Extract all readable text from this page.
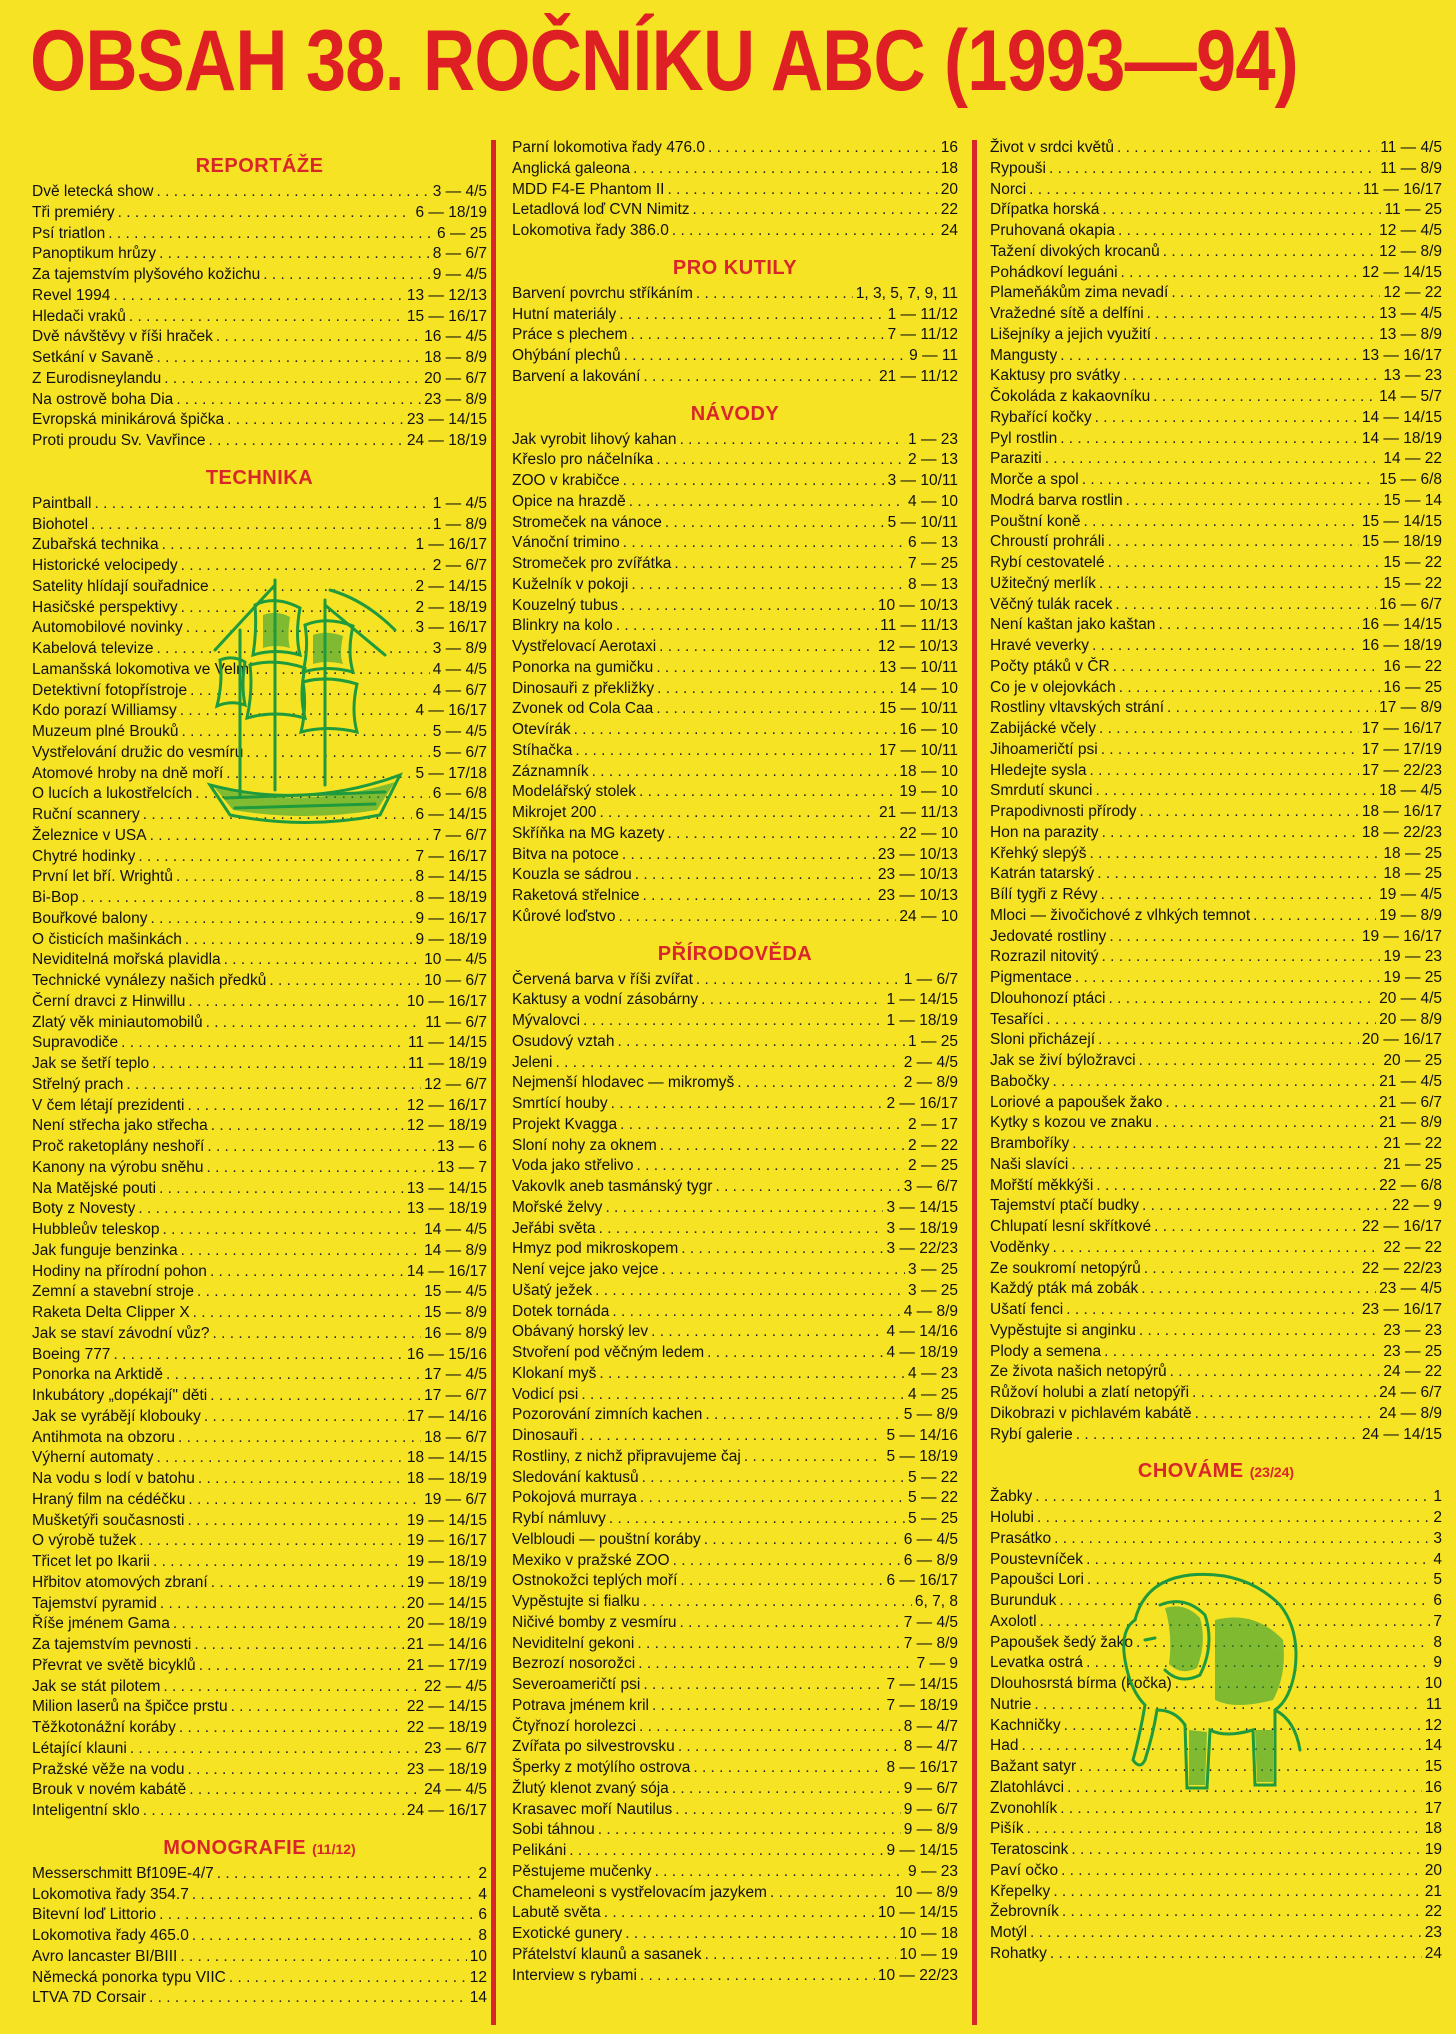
OBSAH 38. ROČNÍKU ABC (1993—94)
REPORTÁŽE
Dvě letecká show . . .	3 — 4/5
Tři premiéry . . .	6 — 18/19
Psí triatlon . . .	6 — 25
Panoptikum hrůzy . . .	8 — 6/7
Za tajemstvím plyšového kožichu . . .	9 — 4/5
Revel 1994 . . .	13 — 12/13
Hledači vraků . . .	15 — 16/17
Dvě návštěvy v říši hraček . . .	16 — 4/5
Setkání v Savaně . . .	18 — 8/9
Z Eurodisneylandu . . .	20 — 6/7
Na ostrově boha Dia . . .	23 — 8/9
Evropská minikárová špička . . .	23 — 14/15
Proti proudu Sv. Vavřince . . .	24 — 18/19
TECHNIKA
Paintball . . .	1 — 4/5
Biohotel . . .	1 — 8/9
Zubařská technika . . .	1 — 16/17
Historické velocipedy . . .	2 — 6/7
Satelity hlídají souřadnice . . .	2 — 14/15
Hasičské perspektivy . . .	2 — 18/19
Automobilové novinky . . .	3 — 16/17
Kabelová televize . . .	3 — 8/9
Lamanšská lokomotiva ve Velmi . . .	4 — 4/5
Detektivní fotopřístroje . . .	4 — 6/7
Kdo porazí Williamsy . . .	4 — 16/17
Muzeum plné Brouků . . .	5 — 4/5
Vystřelování družic do vesmíru . . .	5 — 6/7
Atomové hroby na dně moří . . .	5 — 17/18
O lucích a lukostřelcích . . .	6 — 6/8
Ruční scannery . . .	6 — 14/15
Železnice v USA . . .	7 — 6/7
Chytré hodinky . . .	7 — 16/17
První let bří. Wrightů . . .	8 — 14/15
Bi-Bop . . .	8 — 18/19
Bouřkové balony . . .	9 — 16/17
O čisticích mašinkách . . .	9 — 18/19
Neviditelná mořská plavidla . . .	10 — 4/5
Technické vynálezy našich předků . . .	10 — 6/7
Černí dravci z Hinwillu . . .	10 — 16/17
Zlatý věk miniautomobilů . . .	11 — 6/7
Supravodiče . . .	11 — 14/15
Jak se šetří teplo . . .	11 — 18/19
Střelný prach . . .	12 — 6/7
V čem létají prezidenti . . .	12 — 16/17
Není střecha jako střecha . . .	12 — 18/19
Proč raketoplány neshoří . . .	13 — 6
Kanony na výrobu sněhu . . .	13 — 7
Na Matějské pouti . . .	13 — 14/15
Boty z Novesty . . .	13 — 18/19
Hubbleův teleskop . . .	14 — 4/5
Jak funguje benzinka . . .	14 — 8/9
Hodiny na přírodní pohon . . .	14 — 16/17
Zemní a stavební stroje . . .	15 — 4/5
Raketa Delta Clipper X . . .	15 — 8/9
Jak se staví závodní vůz? . . .	16 — 8/9
Boeing 777 . . .	16 — 15/16
Ponorka na Arktidě . . .	17 — 4/5
Inkubátory „dopékají" děti . . .	17 — 6/7
Jak se vyrábějí klobouky . . .	17 — 14/16
Antihmota na obzoru . . .	18 — 6/7
Výherní automaty . . .	18 — 14/15
Na vodu s lodí v batohu . . .	18 — 18/19
Hraný film na cédéčku . . .	19 — 6/7
Mušketýři současnosti . . .	19 — 14/15
O výrobě tužek . . .	19 — 16/17
Třicet let po Ikarii . . .	19 — 18/19
Hřbitov atomových zbraní . . .	19 — 18/19
Tajemství pyramid . . .	20 — 14/15
Říše jménem Gama . . .	20 — 18/19
Za tajemstvím pevnosti . . .	21 — 14/16
Převrat ve světě bicyklů . . .	21 — 17/19
Jak se stát pilotem . . .	22 — 4/5
Milion laserů na špičce prstu . . .	22 — 14/15
Těžkotonážní koráby . . .	22 — 18/19
Létající klauni . . .	23 — 6/7
Pražské věže na vodu . . .	23 — 18/19
Brouk v novém kabátě . . .	24 — 4/5
Inteligentní sklo . . .	24 — 16/17
MONOGRAFIE (11/12)
Messerschmitt Bf109E-4/7 . . .	2
Lokomotiva řady 354.7 . . .	4
Bitevní loď Littorio . . .	6
Lokomotiva řady 465.0 . . .	8
Avro lancaster BI/BIII . . .	10
Německá ponorka typu VIIC . . .	12
LTVA 7D Corsair . . .	14
Parní lokomotiva řady 476.0 . . .	16
Anglická galeona . . .	18
MDD F4-E Phantom II . . .	20
Letadlová loď CVN Nimitz . . .	22
Lokomotiva řady 386.0 . . .	24
PRO KUTILY
Barvení povrchu stříkáním . . .	1, 3, 5, 7, 9, 11
Hutní materiály . . .	1 — 11/12
Práce s plechem . . .	7 — 11/12
Ohýbání plechů . . .	9 — 11
Barvení a lakování . . .	21 — 11/12
NÁVODY
Jak vyrobit lihový kahan . . .	1 — 23
Křeslo pro náčelníka . . .	2 — 13
ZOO v krabičce . . .	3 — 10/11
Opice na hrazdě . . .	4 — 10
Stromeček na vánoce . . .	5 — 10/11
Vánoční trimino . . .	6 — 13
Stromeček pro zvířátka . . .	7 — 25
Kuželník v pokoji . . .	8 — 13
Kouzelný tubus . . .	10 — 10/13
Blinkry na kolo . . .	11 — 11/13
Vystřelovací Aerotaxi . . .	12 — 10/13
Ponorka na gumičku . . .	13 — 10/11
Dinosauři z překližky . . .	14 — 10
Zvonek od Cola Caa . . .	15 — 10/11
Otevírák . . .	16 — 10
Stíhačka . . .	17 — 10/11
Záznamník . . .	18 — 10
Modelářský stolek . . .	19 — 10
Mikrojet 200 . . .	21 — 11/13
Skříňka na MG kazety . . .	22 — 10
Bitva na potoce . . .	23 — 10/13
Kouzla se sádrou . . .	23 — 10/13
Raketová střelnice . . .	23 — 10/13
Kůrové loďstvo . . .	24 — 10
PŘÍRODOVĚDA
Červená barva v říši zvířat . . .	1 — 6/7
Kaktusy a vodní zásobárny . . .	1 — 14/15
Mývalovci . . .	1 — 18/19
Osudový vztah . . .	1 — 25
Jeleni . . .	2 — 4/5
Nejmenší hlodavec — mikromyš . . .	2 — 8/9
Smrtící houby . . .	2 — 16/17
Projekt Kvagga . . .	2 — 17
Sloní nohy za oknem . . .	2 — 22
Voda jako střelivo . . .	2 — 25
Vakovlk aneb tasmánský tygr . . .	3 — 6/7
Mořské želvy . . .	3 — 14/15
Jeřábi světa . . .	3 — 18/19
Hmyz pod mikroskopem . . .	3 — 22/23
Není vejce jako vejce . . .	3 — 25
Ušatý ježek . . .	3 — 25
Dotek tornáda . . .	4 — 8/9
Obávaný horský lev . . .	4 — 14/16
Stvoření pod věčným ledem . . .	4 — 18/19
Klokaní myš . . .	4 — 23
Vodicí psi . . .	4 — 25
Pozorování zimních kachen . . .	5 — 8/9
Dinosauři . . .	5 — 14/16
Rostliny, z nichž připravujeme čaj . . .	5 — 18/19
Sledování kaktusů . . .	5 — 22
Pokojová murraya . . .	5 — 22
Rybí námluvy . . .	5 — 25
Velbloudi — pouštní koráby . . .	6 — 4/5
Mexiko v pražské ZOO . . .	6 — 8/9
Ostnokožci teplých moří . . .	6 — 16/17
Vypěstujte si fialku . . .	6, 7, 8
Ničivé bomby z vesmíru . . .	7 — 4/5
Neviditelní gekoni . . .	7 — 8/9
Bezrozí nosorožci . . .	7 — 9
Severoameričtí psi . . .	7 — 14/15
Potrava jménem kril . . .	7 — 18/19
Čtyřnozí horolezci . . .	8 — 4/7
Zvířata po silvestrovsku . . .	8 — 4/7
Šperky z motýlího ostrova . . .	8 — 16/17
Žlutý klenot zvaný sója . . .	9 — 6/7
Krasavec moří Nautilus . . .	9 — 6/7
Sobi táhnou . . .	9 — 8/9
Pelikáni . . .	9 — 14/15
Pěstujeme mučenky . . .	9 — 23
Chameleoni s vystřelovacím jazykem . . .	10 — 8/9
Labutě světa . . .	10 — 14/15
Exotické gunery . . .	10 — 18
Přátelství klaunů a sasanek . . .	10 — 19
Interview s rybami . . .	10 — 22/23
Život v srdci květů . . .	11 — 4/5
Rypouši . . .	11 — 8/9
Norci . . .	11 — 16/17
Dřípatka horská . . .	11 — 25
Pruhovaná okapia . . .	12 — 4/5
Tažení divokých krocanů . . .	12 — 8/9
Pohádkoví leguáni . . .	12 — 14/15
Plameňákům zima nevadí . . .	12 — 22
Vražedné sítě a delfíni . . .	13 — 4/5
Lišejníky a jejich využití . . .	13 — 8/9
Mangusty . . .	13 — 16/17
Kaktusy pro svátky . . .	13 — 23
Čokoláda z kakaovníku . . .	14 — 5/7
Rybařící kočky . . .	14 — 14/15
Pyl rostlin . . .	14 — 18/19
Paraziti . . .	14 — 22
Morče a spol . . .	15 — 6/8
Modrá barva rostlin . . .	15 — 14
Pouštní koně . . .	15 — 14/15
Chroustí prohráli . . .	15 — 18/19
Rybí cestovatelé . . .	15 — 22
Užitečný merlík . . .	15 — 22
Věčný tulák racek . . .	16 — 6/7
Není kaštan jako kaštan . . .	16 — 14/15
Hravé veverky . . .	16 — 18/19
Počty ptáků v ČR . . .	16 — 22
Co je v olejovkách . . .	16 — 25
Rostliny vltavských strání . . .	17 — 8/9
Zabijácké včely . . .	17 — 16/17
Jihoameričtí psi . . .	17 — 17/19
Hledejte sysla . . .	17 — 22/23
Smrdutí skunci . . .	18 — 4/5
Prapodivnosti přírody . . .	18 — 16/17
Hon na parazity . . .	18 — 22/23
Křehký slepýš . . .	18 — 25
Katrán tatarský . . .	18 — 25
Bílí tygři z Révy . . .	19 — 4/5
Mloci — živočichové z vlhkých temnot . . .	19 — 8/9
Jedovaté rostliny . . .	19 — 16/17
Rozrazil nitovitý . . .	19 — 23
Pigmentace . . .	19 — 25
Dlouhonozí ptáci . . .	20 — 4/5
Tesaříci . . .	20 — 8/9
Sloni přicházejí . . .	20 — 16/17
Jak se živí býložravci . . .	20 — 25
Babočky . . .	21 — 4/5
Loriové a papoušek žako . . .	21 — 6/7
Kytky s kozou ve znaku . . .	21 — 8/9
Bramboříky . . .	21 — 22
Naši slavíci . . .	21 — 25
Mořští měkkýši . . .	22 — 6/8
Tajemství ptačí budky . . .	22 — 9
Chlupatí lesní skřítkové . . .	22 — 16/17
Voděnky . . .	22 — 22
Ze soukromí netopýrů . . .	22 — 22/23
Každý pták má zobák . . .	23 — 4/5
Ušatí fenci . . .	23 — 16/17
Vypěstujte si anginku . . .	23 — 23
Plody a semena . . .	23 — 25
Ze života našich netopýrů . . .	24 — 22
Růžoví holubi a zlatí netopýři . . .	24 — 6/7
Dikobrazi v pichlavém kabátě . . .	24 — 8/9
Rybí galerie . . .	24 — 14/15
CHOVÁME (23/24)
Žabky . . .	1
Holubi . . .	2
Prasátko . . .	3
Poustevníček . . .	4
Papoušci Lori . . .	5
Burunduk . . .	6
Axolotl . . .	7
Papoušek šedý žako . . .	8
Levatka ostrá . . .	9
Dlouhosrstá bírma (kočka) . . .	10
Nutrie . . .	11
Kachničky . . .	12
Had . . .	14
Bažant satyr . . .	15
Zlatohlávci . . .	16
Zvonohlík . . .	17
Pišík . . .	18
Teratoscink . . .	19
Paví očko . . .	20
Křepelky . . .	21
Žebrovník . . .	22
Motýl . . .	23
Rohatky . . .	24
